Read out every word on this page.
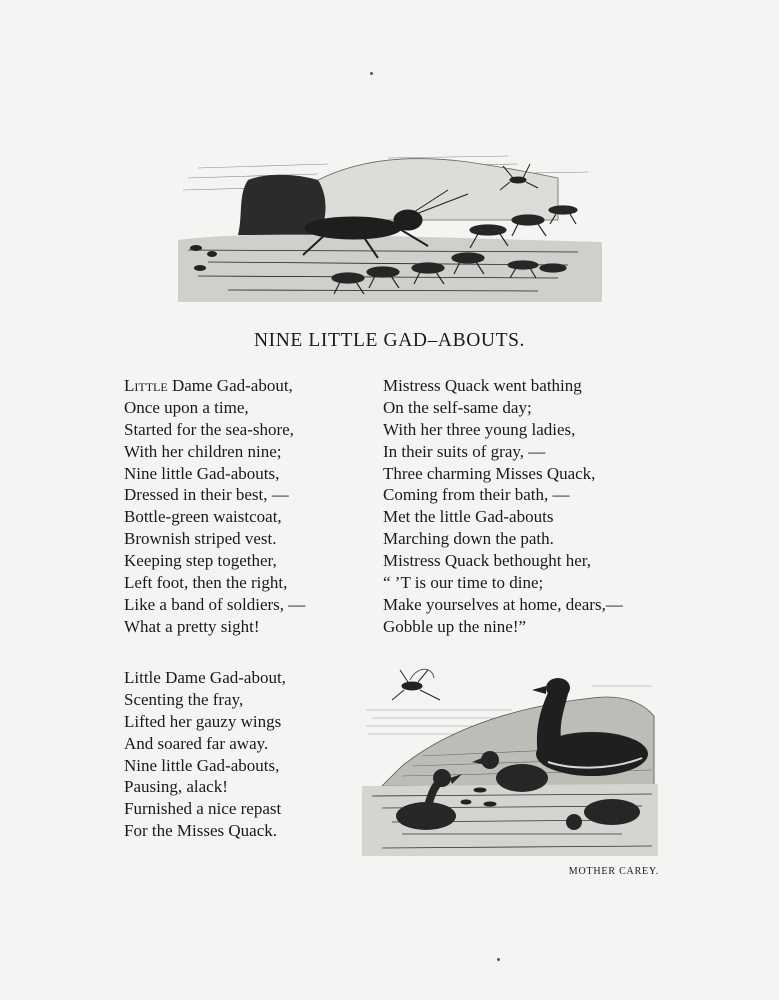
NINE LITTLE GAD–ABOUTS.
Little Dame Gad-about,
Once upon a time,
Started for the sea-shore,
With her children nine;
Nine little Gad-abouts,
Dressed in their best, —
Bottle-green waistcoat,
Brownish striped vest.
Keeping step together,
Left foot, then the right,
Like a band of soldiers, —
What a pretty sight!
Mistress Quack went bathing
On the self-same day;
With her three young ladies,
In their suits of gray, —
Three charming Misses Quack,
Coming from their bath, —
Met the little Gad-abouts
Marching down the path.
Mistress Quack bethought her,
“ ’T is our time to dine;
Make yourselves at home, dears,—
Gobble up the nine!”
Little Dame Gad-about,
Scenting the fray,
Lifted her gauzy wings
And soared far away.
Nine little Gad-abouts,
Pausing, alack!
Furnished a nice repast
For the Misses Quack.
MOTHER CAREY.
